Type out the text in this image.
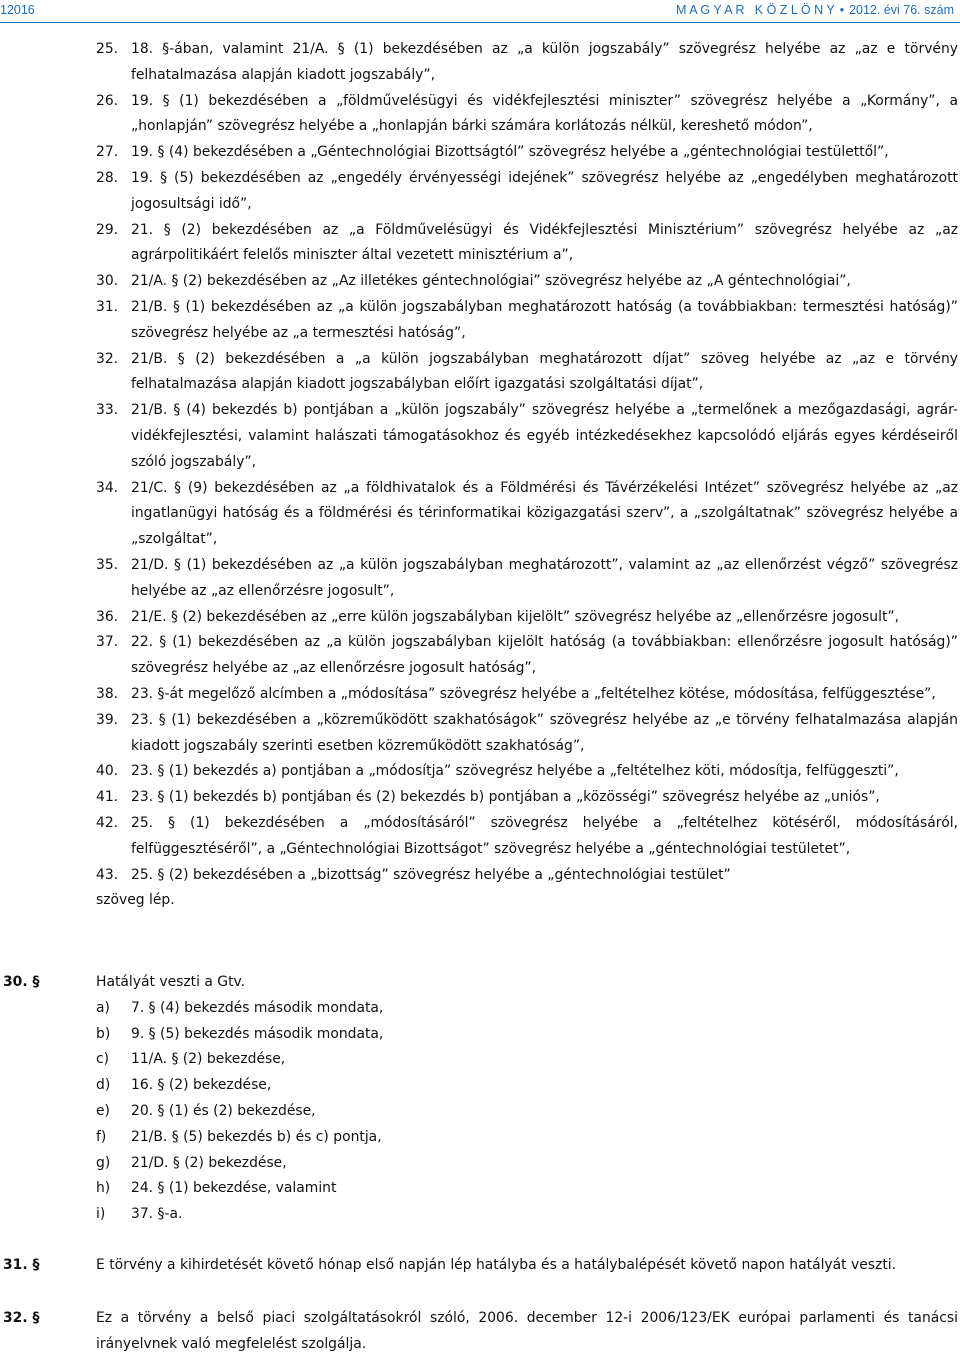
12016	M A G Y A R   K Ö Z L Ö N Y • 2012. évi 76. szám
25. 18. §-ában, valamint 21/A. § (1) bekezdésében az „a külön jogszabály” szövegrész helyébe az „az e törvény felhatalmazása alapján kiadott jogszabály”,
26. 19. § (1) bekezdésében a „földművelésügyi és vidékfejlesztési miniszter” szövegrész helyébe a „Kormány”, a „honlapján” szövegrész helyébe a „honlapján bárki számára korlátozás nélkül, kereshető módon”,
27. 19. § (4) bekezdésében a „Géntechnológiai Bizottságtól” szövegrész helyébe a „géntechnológiai testülettől”,
28. 19. § (5) bekezdésében az „engedély érvényességi idejének” szövegrész helyébe az „engedélyben meghatározott jogosultsági idő”,
29. 21. § (2) bekezdésében az „a Földművelésügyi és Vidékfejlesztési Minisztérium” szövegrész helyébe az „az agrárpolitikáért felelős miniszter által vezetett minisztérium a”,
30. 21/A. § (2) bekezdésében az „Az illetékes géntechnológiai” szövegrész helyébe az „A géntechnológiai”,
31. 21/B. § (1) bekezdésében az „a külön jogszabályban meghatározott hatóság (a továbbiakban: termesztési hatóság)” szövegrész helyébe az „a termesztési hatóság”,
32. 21/B. § (2) bekezdésében a „a külön jogszabályban meghatározott díjat” szöveg helyébe az „az e törvény felhatalmazása alapján kiadott jogszabályban előírt igazgatási szolgáltatási díjat”,
33. 21/B. § (4) bekezdés b) pontjában a „külön jogszabály” szövegrész helyébe a „termelőnek a mezőgazdasági, agrár-vidékfejlesztési, valamint halászati támogatásokhoz és egyéb intézkedésekhez kapcsolódó eljárás egyes kérdéseiről szóló jogszabály”,
34. 21/C. § (9) bekezdésében az „a földhivatalok és a Földmérési és Távérzékelési Intézet” szövegrész helyébe az „az ingatlanügyi hatóság és a földmérési és térinformatikai közigazgatási szerv”, a „szolgáltatnak” szövegrész helyébe a „szolgáltat”,
35. 21/D. § (1) bekezdésében az „a külön jogszabályban meghatározott”, valamint az „az ellenőrzést végző” szövegrész helyébe az „az ellenőrzésre jogosult”,
36. 21/E. § (2) bekezdésében az „erre külön jogszabályban kijelölt” szövegrész helyébe az „ellenőrzésre jogosult”,
37. 22. § (1) bekezdésében az „a külön jogszabályban kijelölt hatóság (a továbbiakban: ellenőrzésre jogosult hatóság)” szövegrész helyébe az „az ellenőrzésre jogosult hatóság”,
38. 23. §-át megelőző alcímben a „módosítása” szövegrész helyébe a „feltételhez kötése, módosítása, felfüggesztése”,
39. 23. § (1) bekezdésében a „közreműködött szakhatóságok” szövegrész helyébe az „e törvény felhatalmazása alapján kiadott jogszabály szerinti esetben közreműködött szakhatóság”,
40. 23. § (1) bekezdés a) pontjában a „módosítja” szövegrész helyébe a „feltételhez köti, módosítja, felfüggeszti”,
41. 23. § (1) bekezdés b) pontjában és (2) bekezdés b) pontjában a „közösségi” szövegrész helyébe az „uniós”,
42. 25. § (1) bekezdésében a „módosításáról” szövegrész helyébe a „feltételhez kötéséről, módosításáról, felfüggesztéséről”, a „Géntechnológiai Bizottságot” szövegrész helyébe a „géntechnológiai testületet”,
43. 25. § (2) bekezdésében a „bizottság” szövegrész helyébe a „géntechnológiai testület”
szöveg lép.
30. §	Hatályát veszti a Gtv.
a) 7. § (4) bekezdés második mondata,
b) 9. § (5) bekezdés második mondata,
c) 11/A. § (2) bekezdése,
d) 16. § (2) bekezdése,
e) 20. § (1) és (2) bekezdése,
f) 21/B. § (5) bekezdés b) és c) pontja,
g) 21/D. § (2) bekezdése,
h) 24. § (1) bekezdése, valamint
i) 37. §-a.
31. §	E törvény a kihirdetését követő hónap első napján lép hatályba és a hatálybalépését követő napon hatályát veszti.
32. §	Ez a törvény a belső piaci szolgáltatásokról szóló, 2006. december 12-i 2006/123/EK európai parlamenti és tanácsi irányelvnek való megfelelést szolgálja.
